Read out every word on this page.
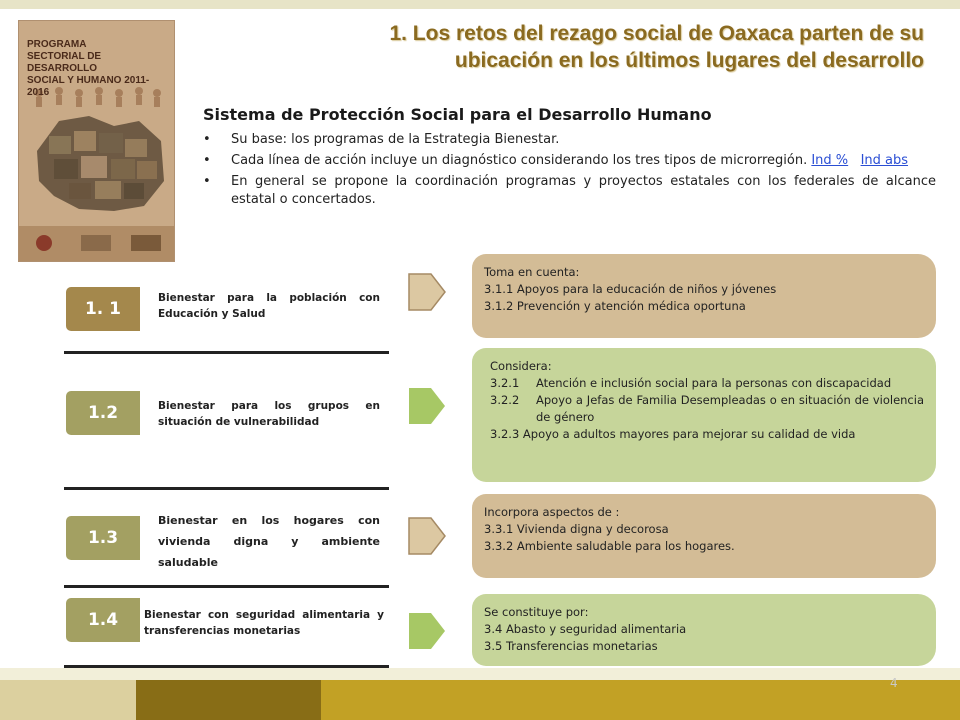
PROGRAMA
SECTORIAL DE DESARROLLO
SOCIAL Y HUMANO 2011-2016
1. Los retos del rezago social de Oaxaca parten de su
ubicación en los últimos lugares del desarrollo
Sistema de Protección Social para el Desarrollo Humano
• Su base: los programas de la Estrategia Bienestar.
• Cada línea de acción incluye un diagnóstico considerando los tres tipos de microrregión. Ind % Ind abs
• En general se propone la coordinación programas y proyectos estatales con los federales de alcance estatal o concertados.
1. 1
Bienestar para la población con Educación y Salud
Toma en cuenta:
3.1.1 Apoyos para la educación de niños y jóvenes
3.1.2 Prevención y atención médica oportuna
1.2	Bienestar para los grupos en situación de vulnerabilidad
Considera:
3.2.1	Atención e inclusión social para la personas con discapacidad
3.2.2	Apoyo a Jefas de Familia Desempleadas o en situación de violencia de género
3.2.3 Apoyo a adultos mayores para mejorar su calidad de vida
1.3
Bienestar en los hogares con vivienda digna y ambiente saludable
Incorpora aspectos de :
3.3.1 Vivienda digna y decorosa
3.3.2 Ambiente saludable para los hogares.
1.4	Bienestar con seguridad alimentaria y transferencias monetarias
Se constituye por:
3.4 Abasto y seguridad alimentaria
3.5 Transferencias monetarias
4
